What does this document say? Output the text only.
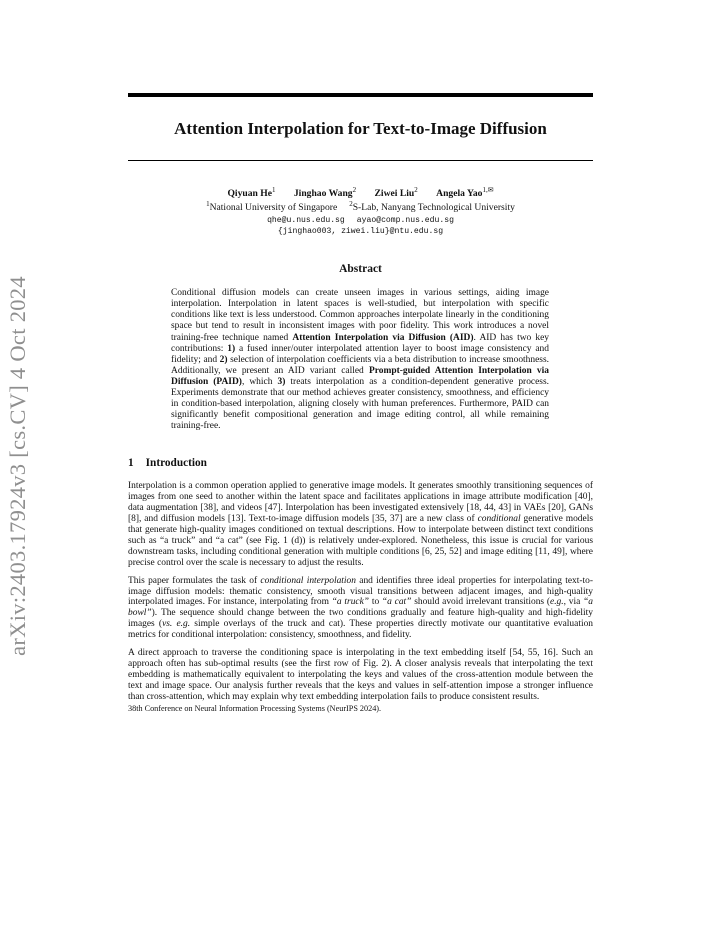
arXiv:2403.17924v3 [cs.CV] 4 Oct 2024
Attention Interpolation for Text-to-Image Diffusion
Qiyuan He$^1$ Jinghao Wang$^2$ Ziwei Liu$^2$ Angela Yao$^{1,✉}$
$^1$National University of Singapore $^2$S-Lab, Nanyang Technological University
qhe@u.nus.edu.sg ayao@comp.nus.edu.sg
{jinghao003, ziwei.liu}@ntu.edu.sg
Abstract
Conditional diffusion models can create unseen images in various settings, aiding image interpolation. Interpolation in latent spaces is well-studied, but interpolation with specific conditions like text is less understood. Common approaches interpolate linearly in the conditioning space but tend to result in inconsistent images with poor fidelity. This work introduces a novel training-free technique named Attention Interpolation via Diffusion (AID). AID has two key contributions: 1) a fused inner/outer interpolated attention layer to boost image consistency and fidelity; and 2) selection of interpolation coefficients via a beta distribution to increase smoothness. Additionally, we present an AID variant called Prompt-guided Attention Interpolation via Diffusion (PAID), which 3) treats interpolation as a condition-dependent generative process. Experiments demonstrate that our method achieves greater consistency, smoothness, and efficiency in condition-based interpolation, aligning closely with human preferences. Furthermore, PAID can significantly benefit compositional generation and image editing control, all while remaining training-free.
1 Introduction

Interpolation is a common operation applied to generative image models. It generates smoothly transitioning sequences of images from one seed to another within the latent space and facilitates applications in image attribute modification [40], data augmentation [38], and videos [47]. Interpolation has been investigated extensively [18, 44, 43] in VAEs [20], GANs [8], and diffusion models [13]. Text-to-image diffusion models [35, 37] are a new class of conditional generative models that generate high-quality images conditioned on textual descriptions. How to interpolate between distinct text conditions such as “a truck” and “a cat” (see Fig. 1 (d)) is relatively under-explored. Nonetheless, this issue is crucial for various downstream tasks, including conditional generation with multiple conditions [6, 25, 52] and image editing [11, 49], where precise control over the scale is necessary to adjust the results.

This paper formulates the task of conditional interpolation and identifies three ideal properties for interpolating text-to-image diffusion models: thematic consistency, smooth visual transitions between adjacent images, and high-quality interpolated images. For instance, interpolating from “a truck” to “a cat” should avoid irrelevant transitions (e.g., via “a bowl”). The sequence should change between the two conditions gradually and feature high-quality and high-fidelity images (vs. e.g. simple overlays of the truck and cat). These properties directly motivate our quantitative evaluation metrics for conditional interpolation: consistency, smoothness, and fidelity.

A direct approach to traverse the conditioning space is interpolating in the text embedding itself [54, 55, 16]. Such an approach often has sub-optimal results (see the first row of Fig. 2). A closer analysis reveals that interpolating the text embedding is mathematically equivalent to interpolating the keys and values of the cross-attention module between the text and image space. Our analysis further reveals that the keys and values in self-attention impose a stronger influence than cross-attention, which may explain why text embedding interpolation fails to produce consistent results.

38th Conference on Neural Information Processing Systems (NeurIPS 2024).
